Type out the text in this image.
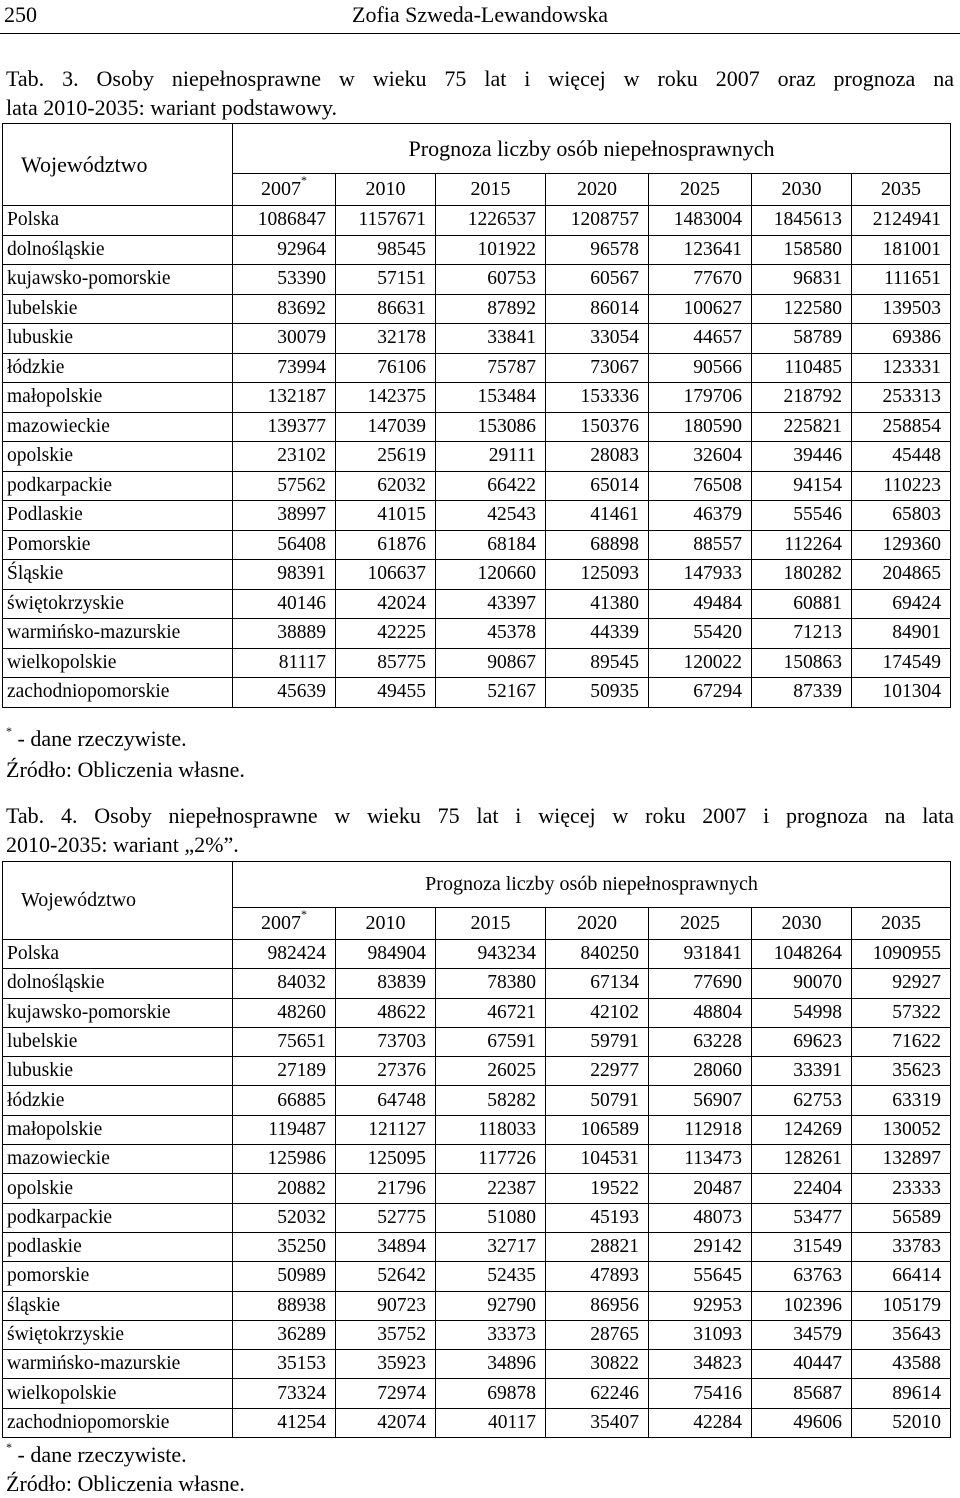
250	Zofia Szweda-Lewandowska
Tab. 3. Osoby niepełnosprawne w wieku 75 lat i więcej w roku 2007 oraz prognoza na
lata 2010-2035: wariant podstawowy.
Województwo	Prognoza liczby osób niepełnosprawnych						
	2007*	2010	2015	2020	2025	2030	2035
Polska	1086847	1157671	1226537	1208757	1483004	1845613	2124941
dolnośląskie	92964	98545	101922	96578	123641	158580	181001
kujawsko-pomorskie	53390	57151	60753	60567	77670	96831	111651
lubelskie	83692	86631	87892	86014	100627	122580	139503
lubuskie	30079	32178	33841	33054	44657	58789	69386
łódzkie	73994	76106	75787	73067	90566	110485	123331
małopolskie	132187	142375	153484	153336	179706	218792	253313
mazowieckie	139377	147039	153086	150376	180590	225821	258854
opolskie	23102	25619	29111	28083	32604	39446	45448
podkarpackie	57562	62032	66422	65014	76508	94154	110223
Podlaskie	38997	41015	42543	41461	46379	55546	65803
Pomorskie	56408	61876	68184	68898	88557	112264	129360
Śląskie	98391	106637	120660	125093	147933	180282	204865
świętokrzyskie	40146	42024	43397	41380	49484	60881	69424
warmińsko-mazurskie	38889	42225	45378	44339	55420	71213	84901
wielkopolskie	81117	85775	90867	89545	120022	150863	174549
zachodniopomorskie	45639	49455	52167	50935	67294	87339	101304
* - dane rzeczywiste.
Źródło: Obliczenia własne.
Tab. 4. Osoby niepełnosprawne w wieku 75 lat i więcej w roku 2007 i prognoza na lata
2010-2035: wariant „2%”.
Województwo	Prognoza liczby osób niepełnosprawnych						
	2007*	2010	2015	2020	2025	2030	2035
Polska	982424	984904	943234	840250	931841	1048264	1090955
dolnośląskie	84032	83839	78380	67134	77690	90070	92927
kujawsko-pomorskie	48260	48622	46721	42102	48804	54998	57322
lubelskie	75651	73703	67591	59791	63228	69623	71622
lubuskie	27189	27376	26025	22977	28060	33391	35623
łódzkie	66885	64748	58282	50791	56907	62753	63319
małopolskie	119487	121127	118033	106589	112918	124269	130052
mazowieckie	125986	125095	117726	104531	113473	128261	132897
opolskie	20882	21796	22387	19522	20487	22404	23333
podkarpackie	52032	52775	51080	45193	48073	53477	56589
podlaskie	35250	34894	32717	28821	29142	31549	33783
pomorskie	50989	52642	52435	47893	55645	63763	66414
śląskie	88938	90723	92790	86956	92953	102396	105179
świętokrzyskie	36289	35752	33373	28765	31093	34579	35643
warmińsko-mazurskie	35153	35923	34896	30822	34823	40447	43588
wielkopolskie	73324	72974	69878	62246	75416	85687	89614
zachodniopomorskie	41254	42074	40117	35407	42284	49606	52010
* - dane rzeczywiste.
Źródło: Obliczenia własne.
